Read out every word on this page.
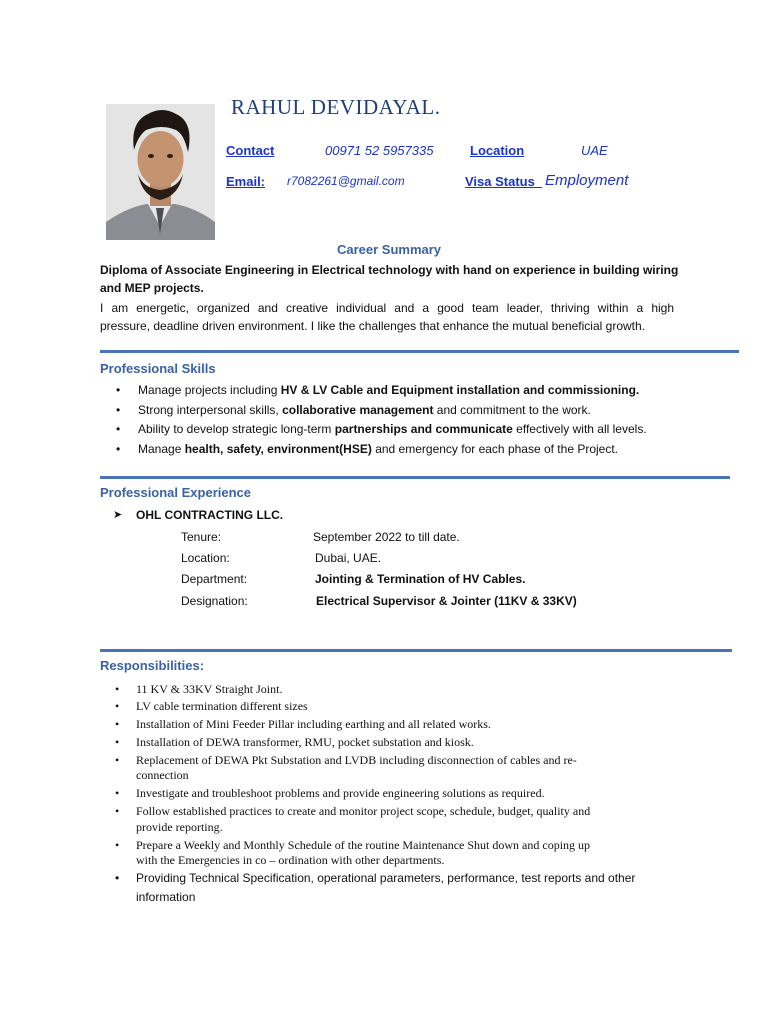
RAHUL DEVIDAYAL.
Contact	00971 52 5957335	Location	UAE
Email: r7082261@gmail.com	Visa Status Employment
Career Summary
Diploma of Associate Engineering in Electrical technology with hand on experience in building wiring
and MEP projects.
I am energetic, organized and creative individual and a good team leader, thriving within a high
pressure, deadline driven environment. I like the challenges that enhance the mutual beneficial growth.
Professional Skills
• Manage projects including HV & LV Cable and Equipment installation and commissioning.
• Strong interpersonal skills, collaborative management and commitment to the work.
• Ability to develop strategic long-term partnerships and communicate effectively with all levels.
• Manage health, safety, environment(HSE) and emergency for each phase of the Project.
Professional Experience
➤ OHL CONTRACTING LLC.
Tenure:	September 2022 to till date.
Location:	Dubai, UAE.
Department:	Jointing & Termination of HV Cables.
Designation:	Electrical Supervisor & Jointer (11KV & 33KV)
Responsibilities:
• 11 KV & 33KV Straight Joint.
• LV cable termination different sizes
• Installation of Mini Feeder Pillar including earthing and all related works.
• Installation of DEWA transformer, RMU, pocket substation and kiosk.
• Replacement of DEWA Pkt Substation and LVDB including disconnection of cables and re-
connection
• Investigate and troubleshoot problems and provide engineering solutions as required.
• Follow established practices to create and monitor project scope, schedule, budget, quality and
provide reporting.
• Prepare a Weekly and Monthly Schedule of the routine Maintenance Shut down and coping up
with the Emergencies in co – ordination with other departments.
• Providing Technical Specification, operational parameters, performance, test reports and other
information
